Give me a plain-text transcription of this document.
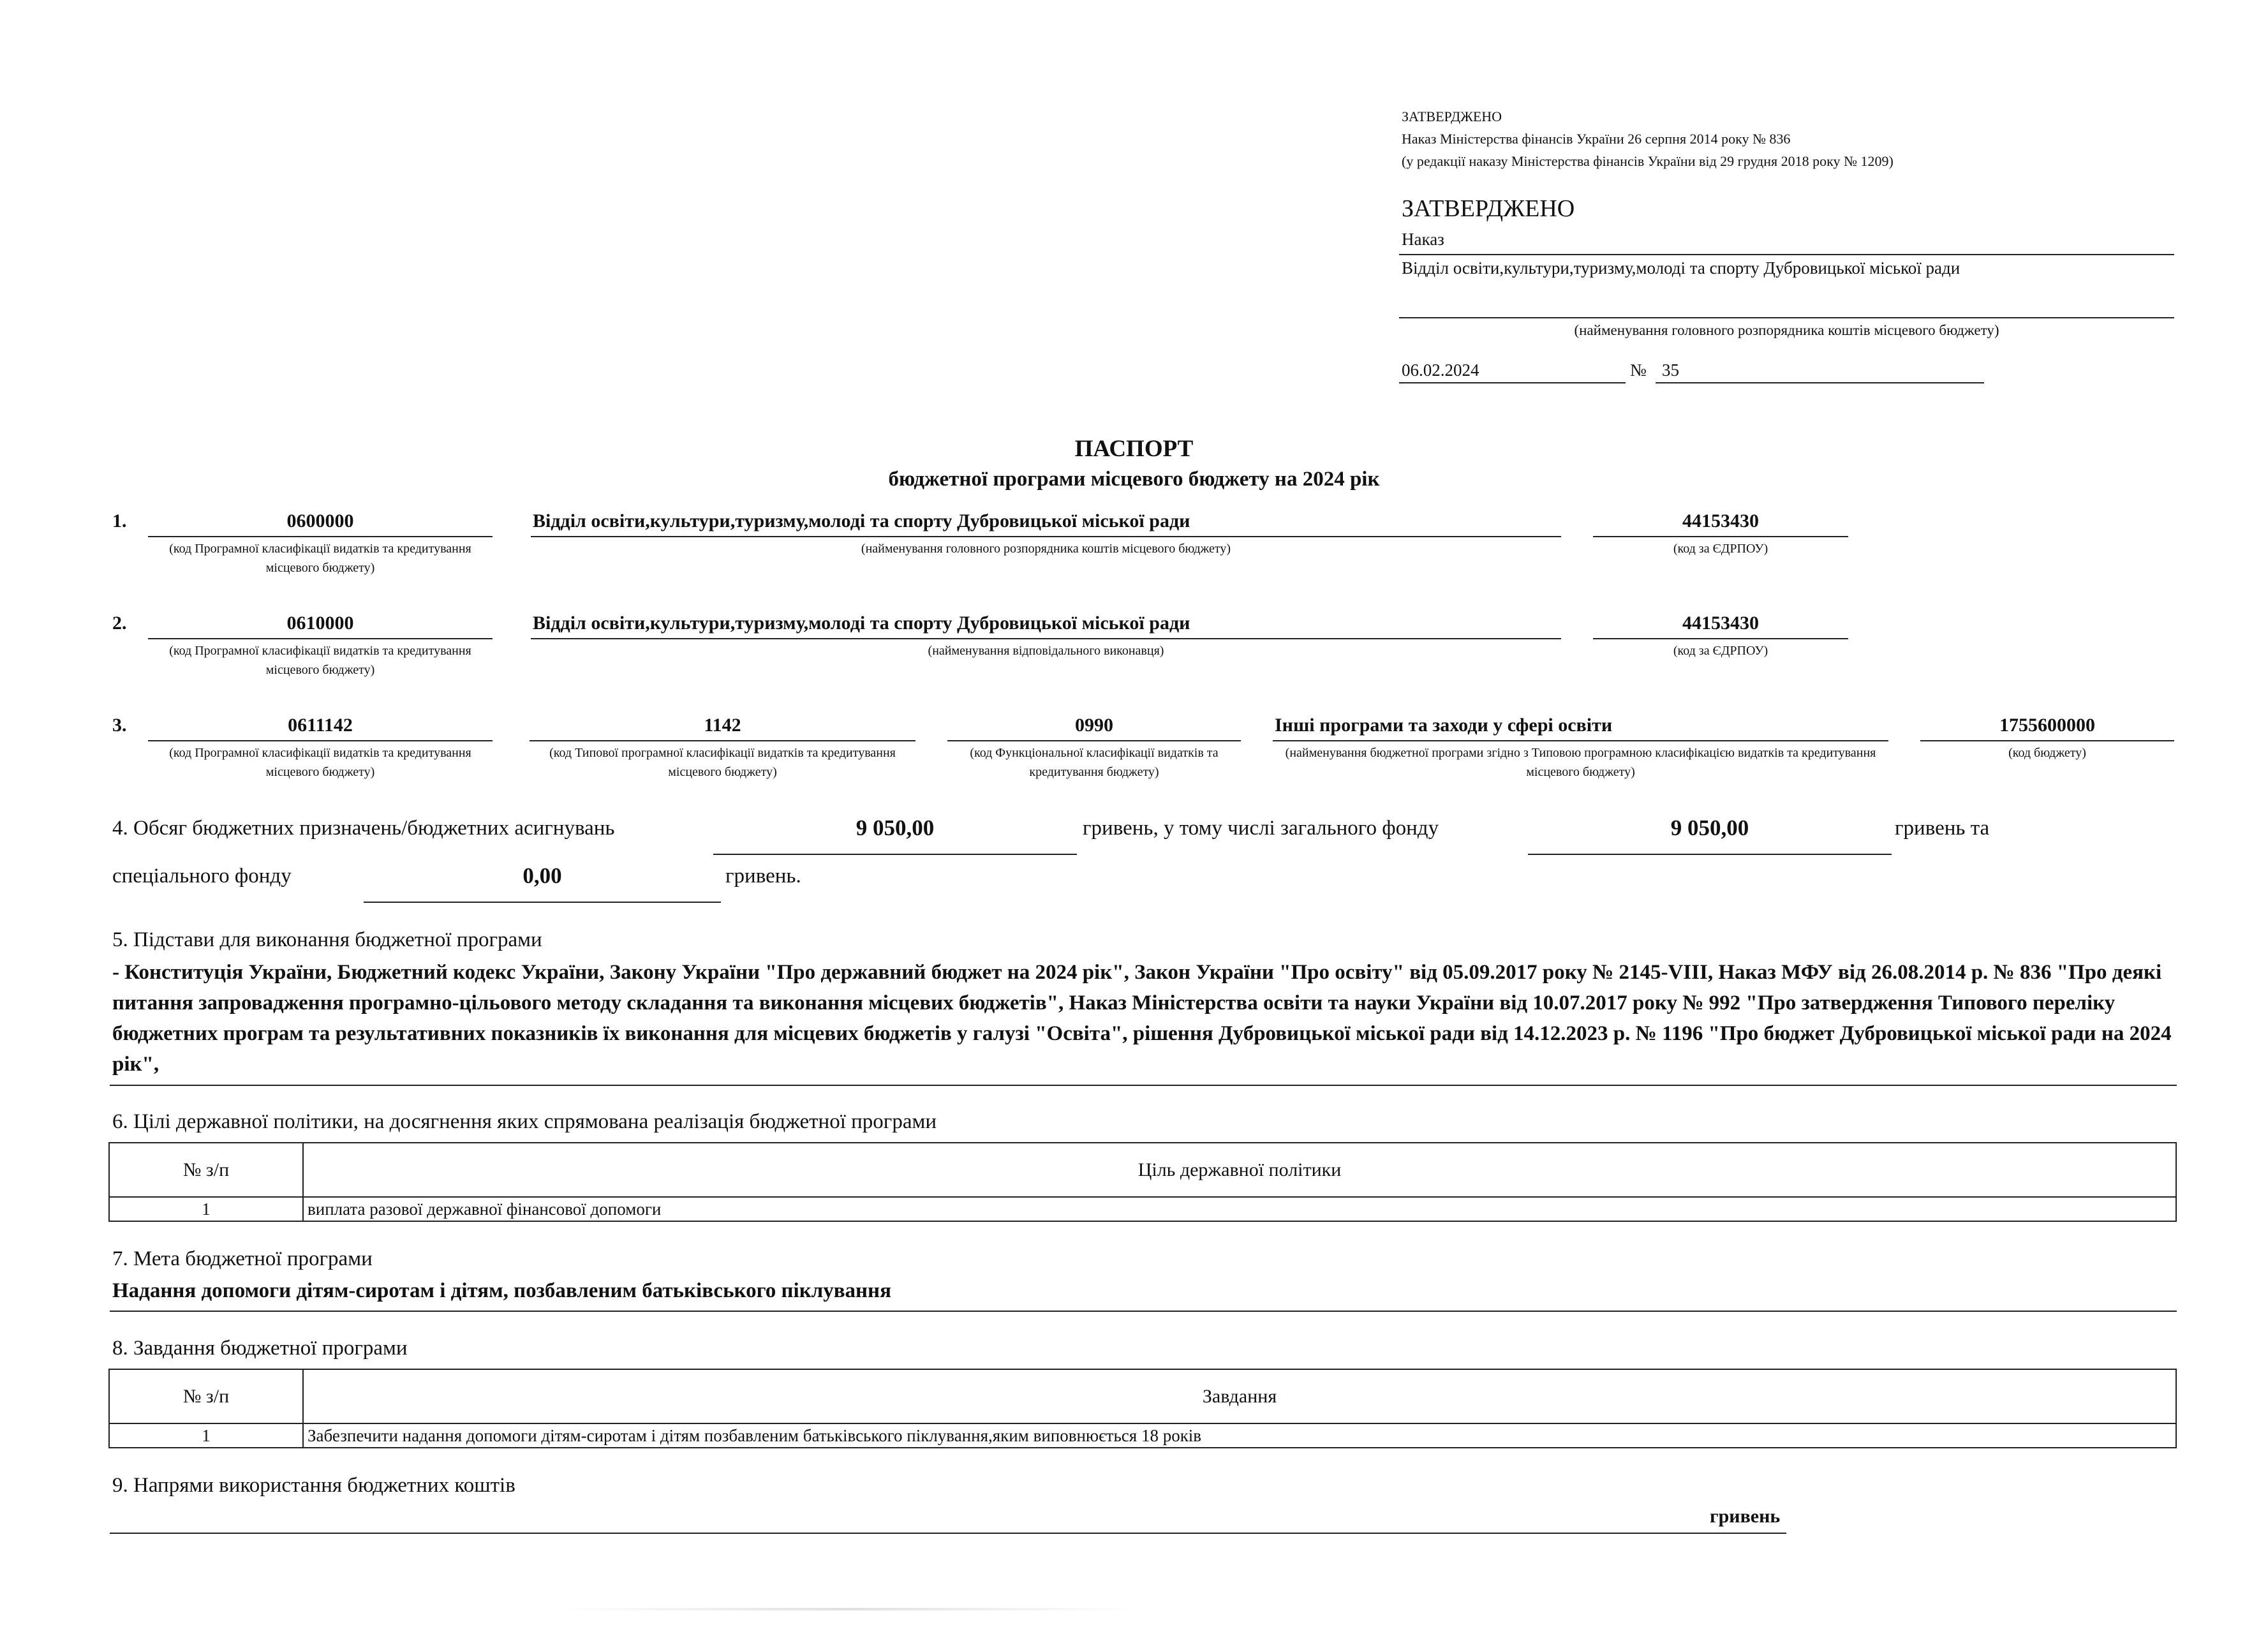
ЗАТВЕРДЖЕНО
Наказ Міністерства фінансів України 26 серпня 2014 року № 836
(у редакції наказу Міністерства фінансів України від 29 грудня 2018 року № 1209)
ЗАТВЕРДЖЕНО
Наказ
Відділ освіти,культури,туризму,молоді та спорту Дубровицької міської ради
(найменування головного розпорядника коштів місцевого бюджету)
06.02.2024	№ 35
ПАСПОРТ
бюджетної програми місцевого бюджету на 2024 рік
1.	0600000
(код Програмної класифікації видатків та кредитування місцевого бюджету)
Відділ освіти,культури,туризму,молоді та спорту Дубровицької міської ради
(найменування головного розпорядника коштів місцевого бюджету)
44153430
(код за ЄДРПОУ)
2.	0610000
(код Програмної класифікації видатків та кредитування місцевого бюджету)
Відділ освіти,культури,туризму,молоді та спорту Дубровицької міської ради
(найменування відповідального виконавця)
44153430
(код за ЄДРПОУ)
3.	0611142
(код Програмної класифікації видатків та кредитування місцевого бюджету)
1142
(код Типової програмної класифікації видатків та кредитування місцевого бюджету)
0990
(код Функціональної класифікації видатків та кредитування бюджету)
Інші програми та заходи у сфері освіти
(найменування бюджетної програми згідно з Типовою програмною класифікацією видатків та кредитування місцевого бюджету)
1755600000
(код бюджету)
4. Обсяг бюджетних призначень/бюджетних асигнувань	9 050,00	гривень, у тому числі загального фонду	9 050,00	гривень та
спеціального фонду	0,00	гривень.
5. Підстави для виконання бюджетної програми
- Конституція України, Бюджетний кодекс України, Закону України "Про державний бюджет на 2024 рік", Закон України "Про освіту" від 05.09.2017 року № 2145-VIII, Наказ МФУ від 26.08.2014 р. № 836 "Про деякі питання запровадження програмно-цільового методу складання та виконання місцевих бюджетів", Наказ Міністерства освіти та науки України від 10.07.2017 року № 992 "Про затвердження Типового переліку бюджетних програм та результативних показників їх виконання для місцевих бюджетів у галузі "Освіта", рішення Дубровицької міської ради від 14.12.2023 р. № 1196 "Про бюджет Дубровицької міської ради на 2024 рік",
6. Цілі державної політики, на досягнення яких спрямована реалізація бюджетної програми
№ з/п	Ціль державної політики
1	виплата разової державної фінансової допомоги
7. Мета бюджетної програми
Надання допомоги дітям-сиротам і дітям, позбавленим батьківського піклування
8. Завдання бюджетної програми
№ з/п	Завдання
1	Забезпечити надання допомоги дітям-сиротам і дітям позбавленим батьківського піклування,яким виповнюється 18 років
9. Напрями використання бюджетних коштів
гривень
